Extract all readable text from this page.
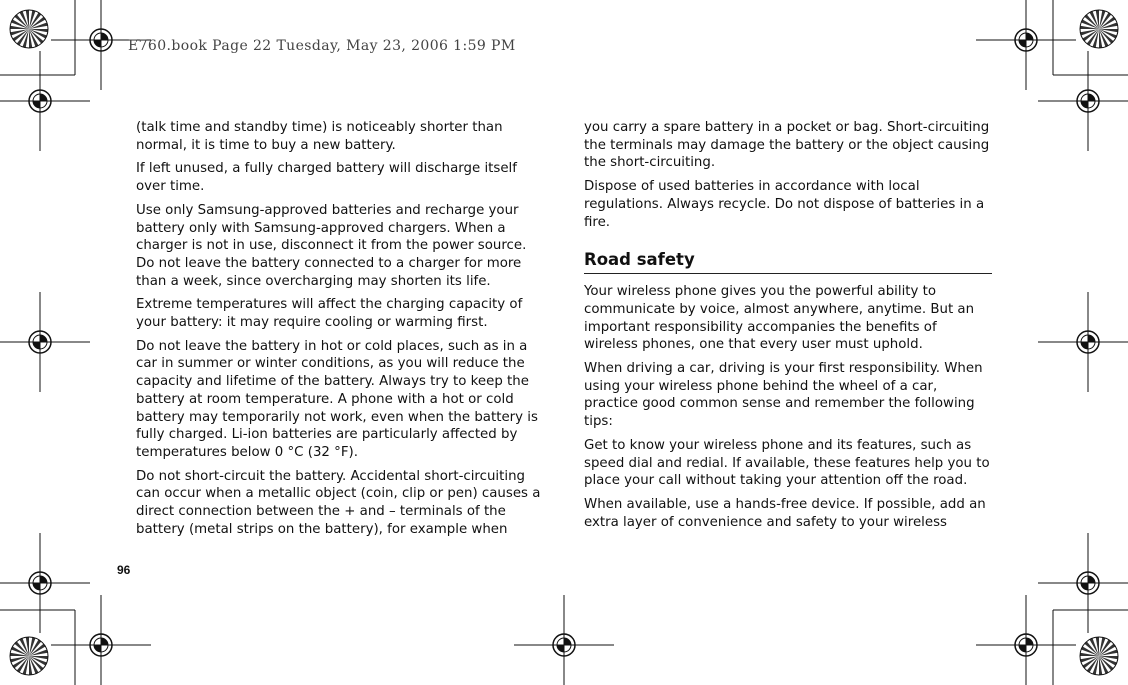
E760.book Page 22 Tuesday, May 23, 2006 1:59 PM

(talk time and standby time) is noticeably shorter than normal, it is time to buy a new battery.

If left unused, a fully charged battery will discharge itself over time.

Use only Samsung-approved batteries and recharge your battery only with Samsung-approved chargers. When a charger is not in use, disconnect it from the power source. Do not leave the battery connected to a charger for more than a week, since overcharging may shorten its life.

Extreme temperatures will affect the charging capacity of your battery: it may require cooling or warming first.

Do not leave the battery in hot or cold places, such as in a car in summer or winter conditions, as you will reduce the capacity and lifetime of the battery. Always try to keep the battery at room temperature. A phone with a hot or cold battery may temporarily not work, even when the battery is fully charged. Li-ion batteries are particularly affected by temperatures below 0 °C (32 °F).

Do not short-circuit the battery. Accidental short-circuiting can occur when a metallic object (coin, clip or pen) causes a direct connection between the + and – terminals of the battery (metal strips on the battery), for example when

you carry a spare battery in a pocket or bag. Short-circuiting the terminals may damage the battery or the object causing the short-circuiting.

Dispose of used batteries in accordance with local regulations. Always recycle. Do not dispose of batteries in a fire.

Road safety

Your wireless phone gives you the powerful ability to communicate by voice, almost anywhere, anytime. But an important responsibility accompanies the benefits of wireless phones, one that every user must uphold.

When driving a car, driving is your first responsibility. When using your wireless phone behind the wheel of a car, practice good common sense and remember the following tips:

Get to know your wireless phone and its features, such as speed dial and redial. If available, these features help you to place your call without taking your attention off the road.

When available, use a hands-free device. If possible, add an extra layer of convenience and safety to your wireless

96
